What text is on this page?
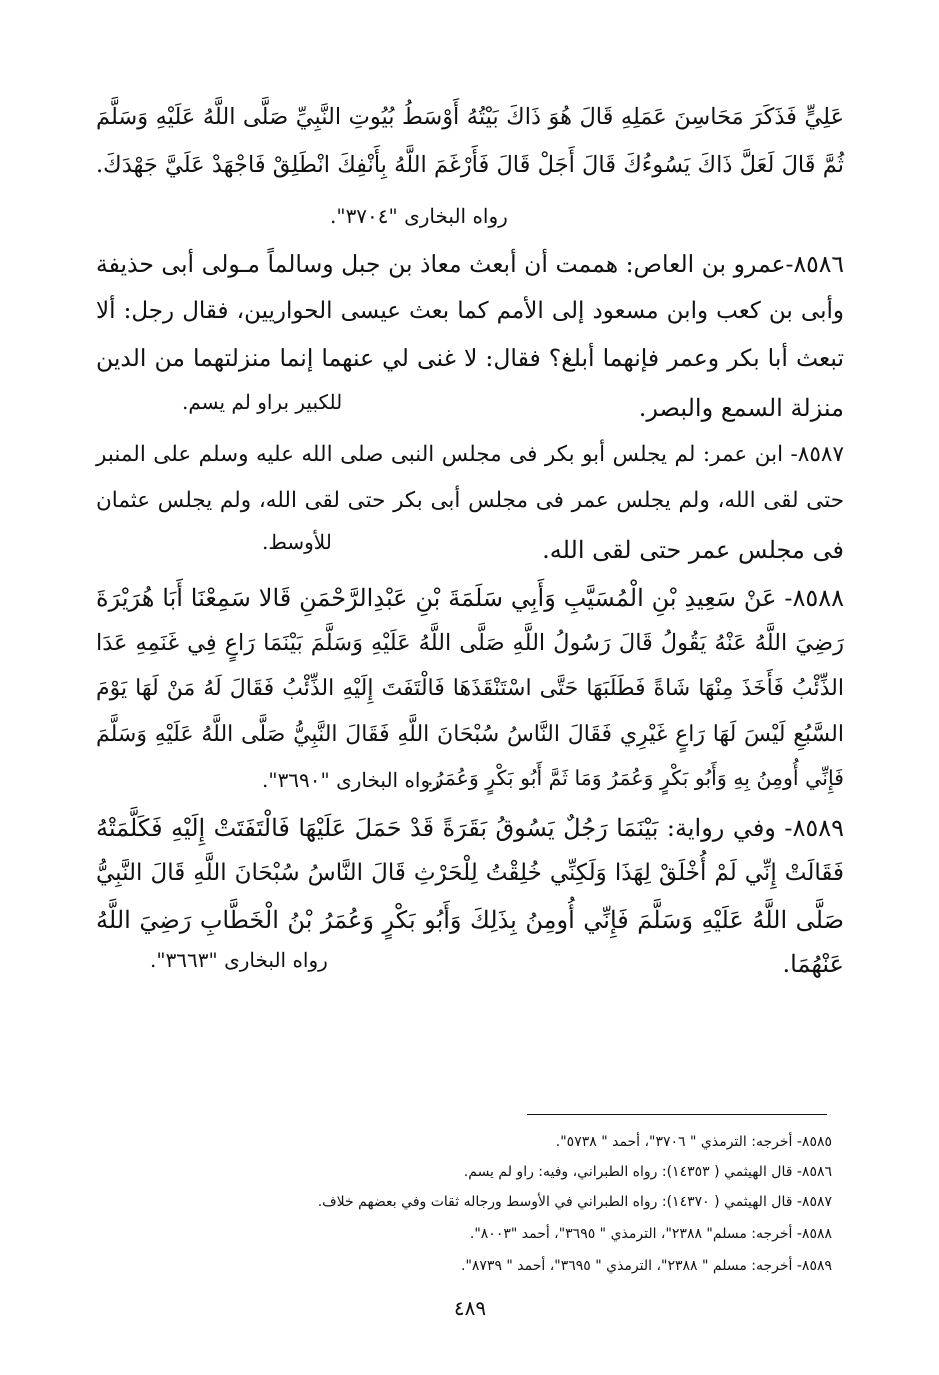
عَلِيٍّ فَذَكَرَ مَحَاسِنَ عَمَلِهِ قَالَ هُوَ ذَاكَ بَيْتُهُ أَوْسَطُ بُيُوتِ النَّبِيِّ صَلَّى اللَّهُ عَلَيْهِ وَسَلَّمَ
ثُمَّ قَالَ لَعَلَّ ذَاكَ يَسُوءُكَ قَالَ أَجَلْ قَالَ فَأَرْغَمَ اللَّهُ بِأَنْفِكَ انْطَلِقْ فَاجْهَدْ عَلَيَّ جَهْدَكَ.
رواه البخارى "٣٧٠٤".
٨٥٨٦-عمرو بن العاص: هممت أن أبعث معاذ بن جبل وسالماً مـولى أبى حذيفة
وأبى بن كعب وابن مسعود إلى الأمم كما بعث عيسى الحواريين، فقال رجل: ألا
تبعث أبا بكر وعمر فإنهما أبلغ؟ فقال: لا غنى لي عنهما إنما منزلتهما من الدين
منزلة السمع والبصر.
للكبير براو لم يسم.
٨٥٨٧- ابن عمر: لم يجلس أبو بكر فى مجلس النبى صلى الله عليه وسلم على المنبر
حتى لقى الله، ولم يجلس عمر فى مجلس أبى بكر حتى لقى الله، ولم يجلس عثمان
فى مجلس عمر حتى لقى الله.
للأوسط.
٨٥٨٨- عَنْ سَعِيدِ بْنِ الْمُسَيَّبِ وَأَبِي سَلَمَةَ بْنِ عَبْدِالرَّحْمَنِ قَالا سَمِعْنَا أَبَا هُرَيْرَةَ
رَضِيَ اللَّهُ عَنْهُ يَقُولُ قَالَ رَسُولُ اللَّهِ صَلَّى اللَّهُ عَلَيْهِ وَسَلَّمَ بَيْنَمَا رَاعٍ فِي غَنَمِهِ عَدَا
الذِّئْبُ فَأَخَذَ مِنْهَا شَاةً فَطَلَبَهَا حَتَّى اسْتَنْقَذَهَا فَالْتَفَتَ إِلَيْهِ الذِّئْبُ فَقَالَ لَهُ مَنْ لَهَا يَوْمَ
السَّبُعِ لَيْسَ لَهَا رَاعٍ غَيْرِي فَقَالَ النَّاسُ سُبْحَانَ اللَّهِ فَقَالَ النَّبِيُّ صَلَّى اللَّهُ عَلَيْهِ وَسَلَّمَ
فَإِنِّي أُومِنُ بِهِ وَأَبُو بَكْرٍ وَعُمَرُ وَمَا ثَمَّ أَبُو بَكْرٍ وَعُمَرُ.
رواه البخارى "٣٦٩٠".
٨٥٨٩- وفي رواية: بَيْنَمَا رَجُلٌ يَسُوقُ بَقَرَةً قَدْ حَمَلَ عَلَيْهَا فَالْتَفَتَتْ إِلَيْهِ فَكَلَّمَتْهُ
فَقَالَتْ إِنِّي لَمْ أُخْلَقْ لِهَذَا وَلَكِنِّي خُلِقْتُ لِلْحَرْثِ قَالَ النَّاسُ سُبْحَانَ اللَّهِ قَالَ النَّبِيُّ
صَلَّى اللَّهُ عَلَيْهِ وَسَلَّمَ فَإِنِّي أُومِنُ بِذَلِكَ وَأَبُو بَكْرٍ وَعُمَرُ بْنُ الْخَطَّابِ رَضِيَ اللَّهُ
عَنْهُمَا.
رواه البخارى "٣٦٦٣".
٨٥٨٥- أخرجه: الترمذي " ٣٧٠٦"، أحمد " ٥٧٣٨".
٨٥٨٦- قال الهيثمي ( ١٤٣٥٣): رواه الطبراني، وفيه: راو لم يسم.
٨٥٨٧- قال الهيثمي ( ١٤٣٧٠): رواه الطبراني في الأوسط ورجاله ثقات وفي بعضهم خلاف.
٨٥٨٨- أخرجه: مسلم" ٢٣٨٨"، الترمذي " ٣٦٩٥"، أحمد "٨٠٠٣".
٨٥٨٩- أخرجه: مسلم " ٢٣٨٨"، الترمذي " ٣٦٩٥"، أحمد " ٨٧٣٩".
٤٨٩
